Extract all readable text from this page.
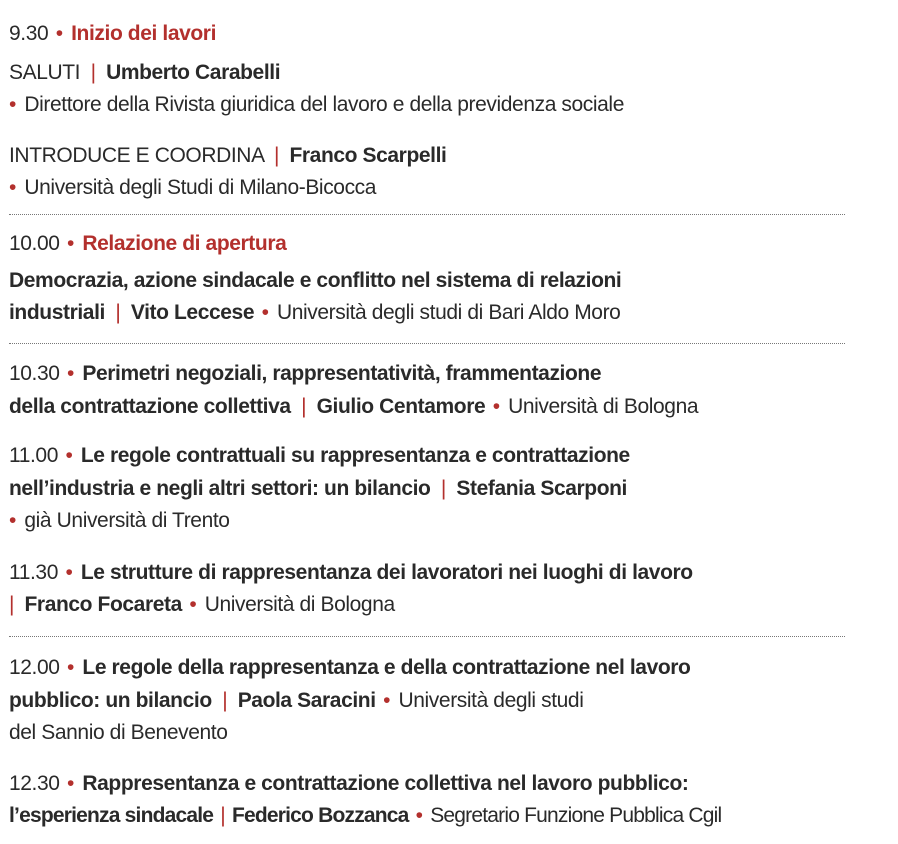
9.30 • Inizio dei lavori
SALUTI | Umberto Carabelli
• Direttore della Rivista giuridica del lavoro e della previdenza sociale
INTRODUCE E COORDINA | Franco Scarpelli
• Università degli Studi di Milano-Bicocca
10.00 • Relazione di apertura
Democrazia, azione sindacale e conflitto nel sistema di relazioni
industriali | Vito Leccese • Università degli studi di Bari Aldo Moro
10.30 • Perimetri negoziali, rappresentatività, frammentazione
della contrattazione collettiva | Giulio Centamore • Università di Bologna
11.00 • Le regole contrattuali su rappresentanza e contrattazione
nell’industria e negli altri settori: un bilancio | Stefania Scarponi
• già Università di Trento
11.30 • Le strutture di rappresentanza dei lavoratori nei luoghi di lavoro
| Franco Focareta • Università di Bologna
12.00 • Le regole della rappresentanza e della contrattazione nel lavoro
pubblico: un bilancio | Paola Saracini • Università degli studi
del Sannio di Benevento
12.30 • Rappresentanza e contrattazione collettiva nel lavoro pubblico:
l’esperienza sindacale | Federico Bozzanca • Segretario Funzione Pubblica Cgil
